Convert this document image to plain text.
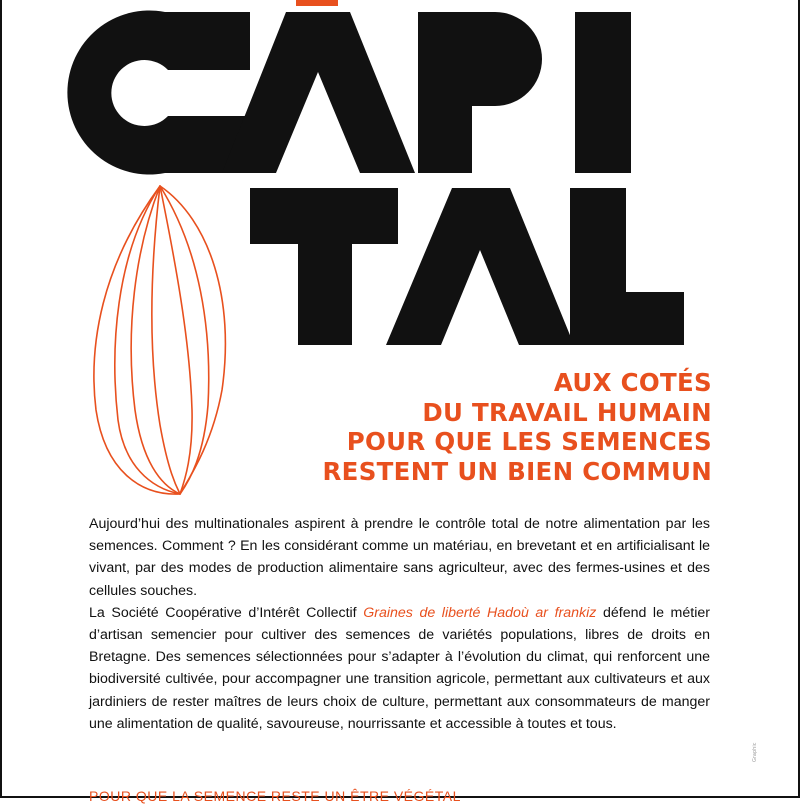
AUX COTÉS
DU TRAVAIL HUMAIN
POUR QUE LES SEMENCES
RESTENT UN BIEN COMMUN

Aujourd’hui des multinationales aspirent à prendre le contrôle total de notre alimentation par les semences. Comment ? En les considérant comme un matériau, en brevetant et en artificialisant le vivant, par des modes de production alimentaire sans agriculteur, avec des fermes-usines et des cellules souches.

La Société Coopérative d’Intérêt Collectif Graines de liberté Hadoù ar frankiz défend le métier d’artisan semencier pour cultiver des semences de variétés populations, libres de droits en Bretagne. Des semences sélectionnées pour s’adapter à l’évolution du climat, qui renforcent une biodiversité cultivée, pour accompagner une transition agricole, permettant aux cultivateurs et aux jardiniers de rester maîtres de leurs choix de culture, permettant aux consommateurs de manger une alimentation de qualité, savoureuse, nourrissante et accessible à toutes et tous.

POUR QUE LA SEMENCE RESTE UN ÊTRE VÉGÉTAL
Graphic
